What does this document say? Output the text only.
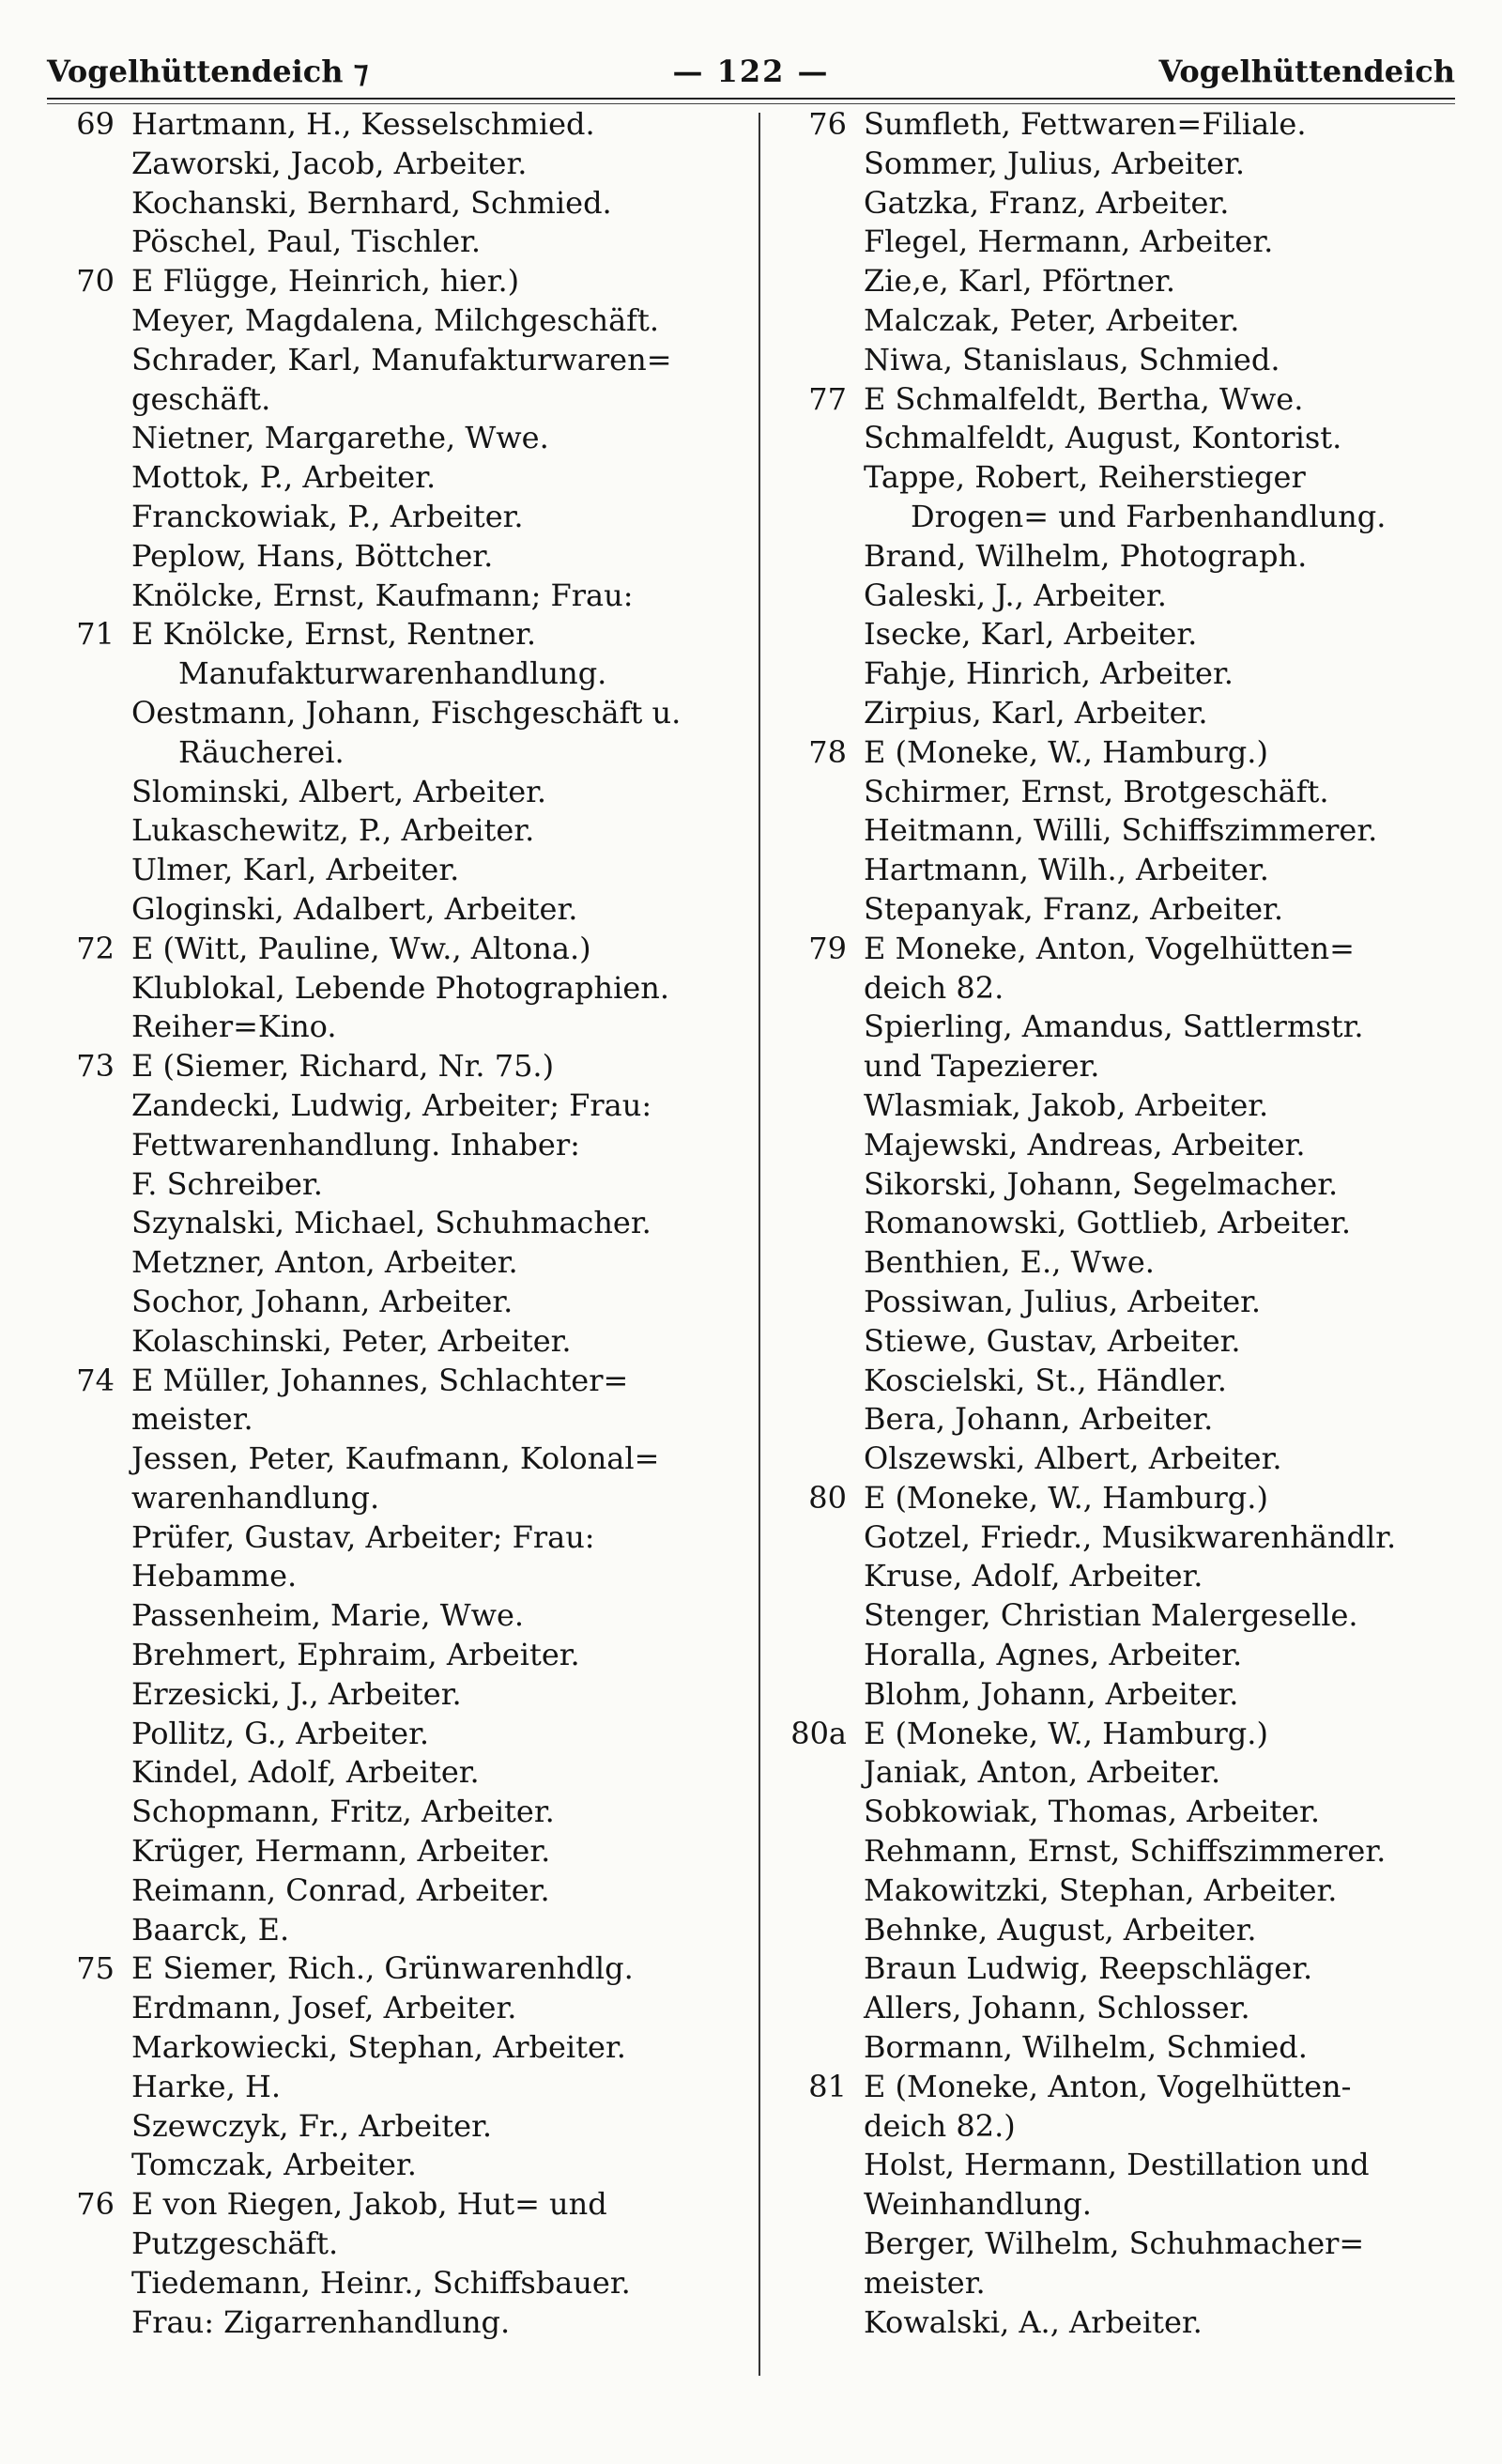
Vogelhüttendeich ⁊	— 122 —	Vogelhüttendeich
69 Hartmann, H., Kesselschmied.
Zaworski, Jacob, Arbeiter.
Kochanski, Bernhard, Schmied.
Pöschel, Paul, Tischler.
70 E Flügge, Heinrich, hier.)
Meyer, Magdalena, Milchgeschäft.
Schrader, Karl, Manufakturwaren=
geschäft.
Nietner, Margarethe, Wwe.
Mottok, P., Arbeiter.
Franckowiak, P., Arbeiter.
Peplow, Hans, Böttcher.
Knölcke, Ernst, Kaufmann; Frau:
71 E Knölcke, Ernst, Rentner.
Manufakturwarenhandlung.
Oestmann, Johann, Fischgeschäft u.
Räucherei.
Slominski, Albert, Arbeiter.
Lukaschewitz, P., Arbeiter.
Ulmer, Karl, Arbeiter.
Gloginski, Adalbert, Arbeiter.
72 E (Witt, Pauline, Ww., Altona.)
Klublokal, Lebende Photographien.
Reiher=Kino.
73 E (Siemer, Richard, Nr. 75.)
Zandecki, Ludwig, Arbeiter; Frau:
Fettwarenhandlung. Inhaber:
F. Schreiber.
Szynalski, Michael, Schuhmacher.
Metzner, Anton, Arbeiter.
Sochor, Johann, Arbeiter.
Kolaschinski, Peter, Arbeiter.
74 E Müller, Johannes, Schlachter=
meister.
Jessen, Peter, Kaufmann, Kolonal=
warenhandlung.
Prüfer, Gustav, Arbeiter; Frau:
Hebamme.
Passenheim, Marie, Wwe.
Brehmert, Ephraim, Arbeiter.
Erzesicki, J., Arbeiter.
Pollitz, G., Arbeiter.
Kindel, Adolf, Arbeiter.
Schopmann, Fritz, Arbeiter.
Krüger, Hermann, Arbeiter.
Reimann, Conrad, Arbeiter.
Baarck, E.
75 E Siemer, Rich., Grünwarenhdlg.
Erdmann, Josef, Arbeiter.
Markowiecki, Stephan, Arbeiter.
Harke, H.
Szewczyk, Fr., Arbeiter.
Tomczak, Arbeiter.
76 E von Riegen, Jakob, Hut= und
Putzgeschäft.
Tiedemann, Heinr., Schiffsbauer.
Frau: Zigarrenhandlung.
76 Sumfleth, Fettwaren=Filiale.
Sommer, Julius, Arbeiter.
Gatzka, Franz, Arbeiter.
Flegel, Hermann, Arbeiter.
Zie‚e, Karl, Pförtner.
Malczak, Peter, Arbeiter.
Niwa, Stanislaus, Schmied.
77 E Schmalfeldt, Bertha, Wwe.
Schmalfeldt, August, Kontorist.
Tappe, Robert, Reiherstieger
Drogen= und Farbenhandlung.
Brand, Wilhelm, Photograph.
Galeski, J., Arbeiter.
Isecke, Karl, Arbeiter.
Fahje, Hinrich, Arbeiter.
Zirpius, Karl, Arbeiter.
78 E (Moneke, W., Hamburg.)
Schirmer, Ernst, Brotgeschäft.
Heitmann, Willi, Schiffszimmerer.
Hartmann, Wilh., Arbeiter.
Stepanyak, Franz, Arbeiter.
79 E Moneke, Anton, Vogelhütten=
deich 82.
Spierling, Amandus, Sattlermstr.
und Tapezierer.
Wlasmiak, Jakob, Arbeiter.
Majewski, Andreas, Arbeiter.
Sikorski, Johann, Segelmacher.
Romanowski, Gottlieb, Arbeiter.
Benthien, E., Wwe.
Possiwan, Julius, Arbeiter.
Stiewe, Gustav, Arbeiter.
Koscielski, St., Händler.
Bera, Johann, Arbeiter.
Olszewski, Albert, Arbeiter.
80 E (Moneke, W., Hamburg.)
Gotzel, Friedr., Musikwarenhändlr.
Kruse, Adolf, Arbeiter.
Stenger, Christian Malergeselle.
Horalla, Agnes, Arbeiter.
Blohm, Johann, Arbeiter.
80a E (Moneke, W., Hamburg.)
Janiak, Anton, Arbeiter.
Sobkowiak, Thomas, Arbeiter.
Rehmann, Ernst, Schiffszimmerer.
Makowitzki, Stephan, Arbeiter.
Behnke, August, Arbeiter.
Braun Ludwig, Reepschläger.
Allers, Johann, Schlosser.
Bormann, Wilhelm, Schmied.
81 E (Moneke, Anton, Vogelhütten-
deich 82.)
Holst, Hermann, Destillation und
Weinhandlung.
Berger, Wilhelm, Schuhmacher=
meister.
Kowalski, A., Arbeiter.
